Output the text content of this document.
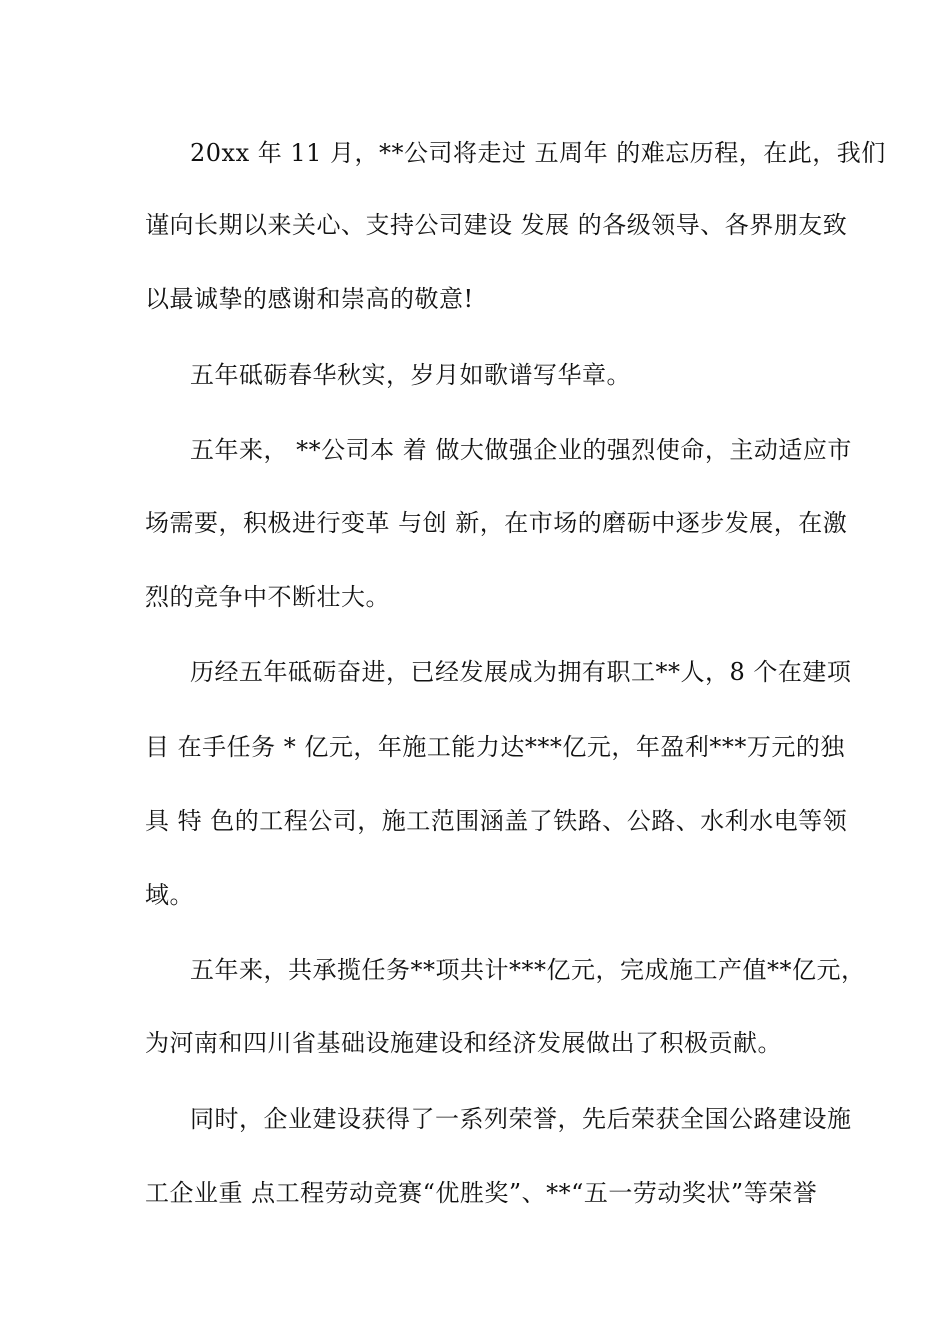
20xx 年 11 月，**公司将走过 五周年 的难忘历程，在此，我们
谨向长期以来关心、支持公司建设 发展 的各级领导、各界朋友致
以最诚挚的感谢和崇高的敬意!
五年砥砺春华秋实，岁月如歌谱写华章。
五年来， **公司本 着 做大做强企业的强烈使命，主动适应市
场需要，积极进行变革 与创 新，在市场的磨砺中逐步发展，在激
烈的竞争中不断壮大。
历经五年砥砺奋进，已经发展成为拥有职工**人，8 个在建项
目 在手任务 * 亿元，年施工能力达***亿元，年盈利***万元的独
具 特 色的工程公司，施工范围涵盖了铁路、公路、水利水电等领
域。
五年来，共承揽任务**项共计***亿元，完成施工产值**亿元，
为河南和四川省基础设施建设和经济发展做出了积极贡献。
同时，企业建设获得了一系列荣誉，先后荣获全国公路建设施
工企业重 点工程劳动竞赛“优胜奖”、**“五一劳动奖状”等荣誉
